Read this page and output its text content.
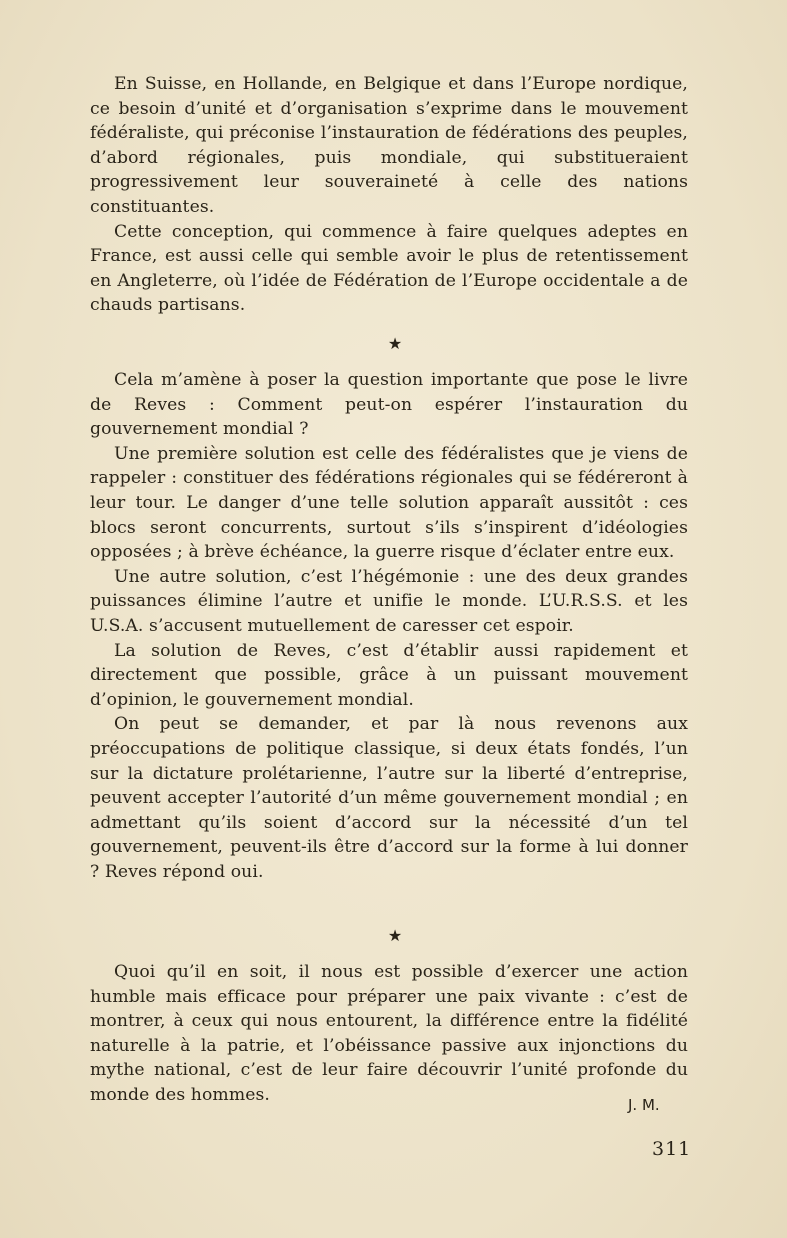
En Suisse, en Hollande, en Belgique et dans l’Europe nordique, ce besoin d’unité et d’organisation s’exprime dans le mouvement fédéraliste, qui préconise l’instauration de fédérations des peuples, d’abord régionales, puis mondiale, qui substitueraient progressivement leur souveraineté à celle des nations constituantes.

Cette conception, qui commence à faire quelques adeptes en France, est aussi celle qui semble avoir le plus de retentissement en Angleterre, où l’idée de Fédération de l’Europe occidentale a de chauds partisans.

★

Cela m’amène à poser la question importante que pose le livre de Reves : Comment peut-on espérer l’instauration du gouvernement mondial ?

Une première solution est celle des fédéralistes que je viens de rappeler : constituer des fédérations régionales qui se fédéreront à leur tour. Le danger d’une telle solution apparaît aussitôt : ces blocs seront concurrents, surtout s’ils s’inspirent d’idéologies opposées ; à brève échéance, la guerre risque d’éclater entre eux.

Une autre solution, c’est l’hégémonie : une des deux grandes puissances élimine l’autre et unifie le monde. L’U.R.S.S. et les U.S.A. s’accusent mutuellement de caresser cet espoir.

La solution de Reves, c’est d’établir aussi rapidement et directement que possible, grâce à un puissant mouvement d’opinion, le gouvernement mondial.

On peut se demander, et par là nous revenons aux préoccupations de politique classique, si deux états fondés, l’un sur la dictature prolétarienne, l’autre sur la liberté d’entreprise, peuvent accepter l’autorité d’un même gouvernement mondial ; en admettant qu’ils soient d’accord sur la nécessité d’un tel gouvernement, peuvent-ils être d’accord sur la forme à lui donner ? Reves répond oui.

★

Quoi qu’il en soit, il nous est possible d’exercer une action humble mais efficace pour préparer une paix vivante : c’est de montrer, à ceux qui nous entourent, la différence entre la fidélité naturelle à la patrie, et l’obéissance passive aux injonctions du mythe national, c’est de leur faire découvrir l’unité profonde du monde des hommes.

J. M.
311
